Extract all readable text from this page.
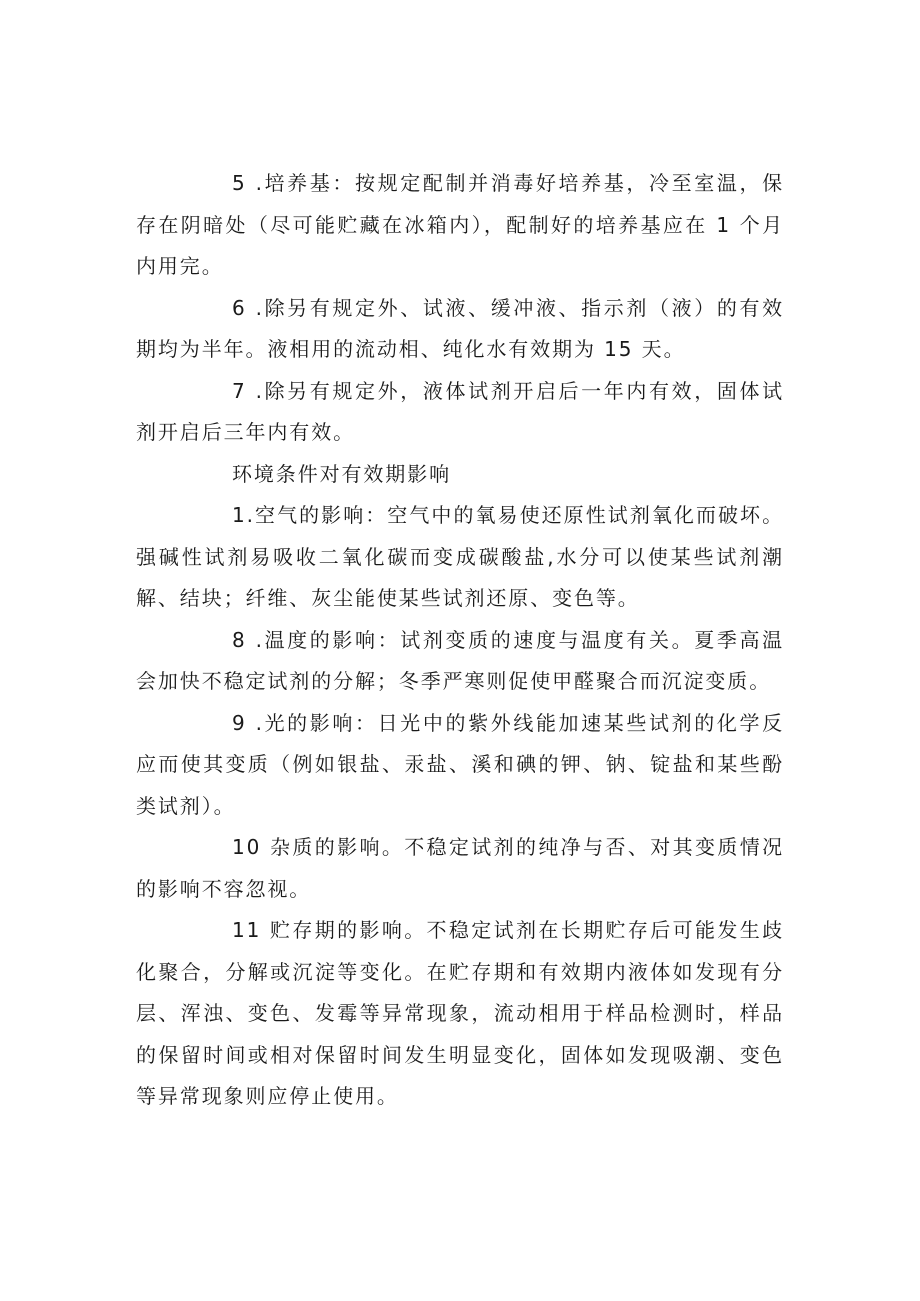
5 .培养基：按规定配制并消毒好培养基，冷至室温，保存在阴暗处（尽可能贮藏在冰箱内），配制好的培养基应在 1 个月内用完。

6 .除另有规定外、试液、缓冲液、指示剂（液）的有效期均为半年。液相用的流动相、纯化水有效期为 15 天。

7 .除另有规定外，液体试剂开启后一年内有效，固体试剂开启后三年内有效。

环境条件对有效期影响

1.空气的影响：空气中的氧易使还原性试剂氧化而破坏。强碱性试剂易吸收二氧化碳而变成碳酸盐,水分可以使某些试剂潮解、结块；纤维、灰尘能使某些试剂还原、变色等。

8 .温度的影响：试剂变质的速度与温度有关。夏季高温会加快不稳定试剂的分解；冬季严寒则促使甲醛聚合而沉淀变质。

9 .光的影响：日光中的紫外线能加速某些试剂的化学反应而使其变质（例如银盐、汞盐、溪和碘的钾、钠、锭盐和某些酚类试剂）。

10 杂质的影响。不稳定试剂的纯净与否、对其变质情况的影响不容忽视。

11 贮存期的影响。不稳定试剂在长期贮存后可能发生歧化聚合，分解或沉淀等变化。在贮存期和有效期内液体如发现有分层、浑浊、变色、发霉等异常现象，流动相用于样品检测时，样品的保留时间或相对保留时间发生明显变化，固体如发现吸潮、变色等异常现象则应停止使用。
